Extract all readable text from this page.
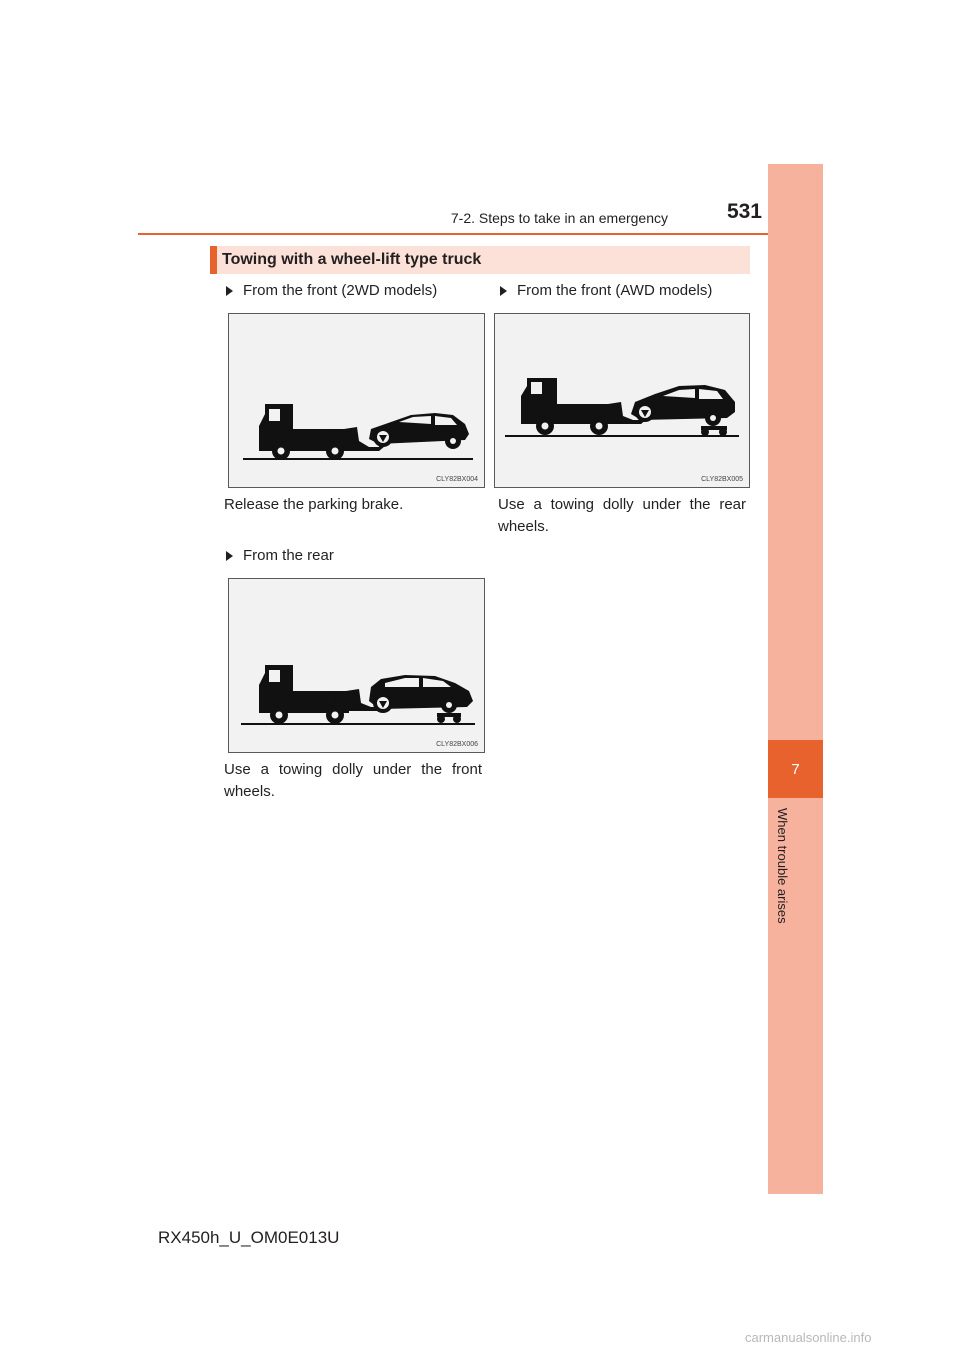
7-2. Steps to take in an emergency	531
7
When trouble arises
Towing with a wheel-lift type truck
From the front (2WD models)	From the front (AWD models)
CLY82BX004	CLY82BX005
Release the parking brake.	Use a towing dolly under the rear wheels.
From the rear
CLY82BX006
Use a towing dolly under the front wheels.
RX450h_U_OM0E013U
carmanualsonline.info
